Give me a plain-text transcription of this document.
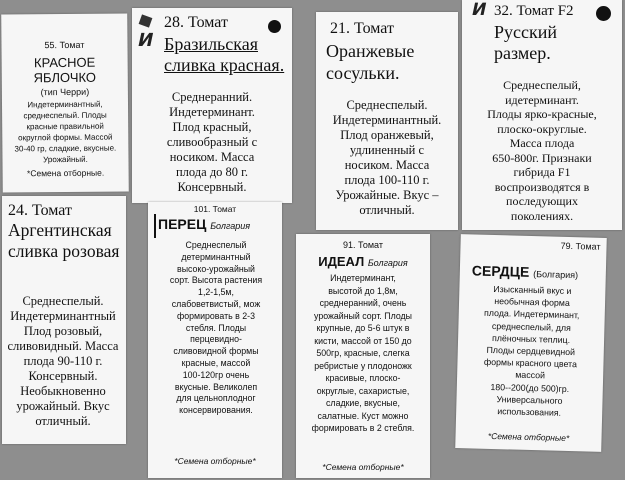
55. Томат
КРАСНОЕ
ЯБЛОЧКО
(тип Черри)
Индетерминантный,
среднеспелый. Плоды
красные правильной
округлой формы. Массой
30-40 гр, сладкие, вкусные.
Урожайный.
*Семена отборные.
И
28. Томат
Бразильская
сливка красная.
Среднеранний.
Индетерминант.
Плод красный,
сливообразный с
носиком. Масса
плода до 80 г.
Консервный.
21. Томат
Оранжевые
сосульки.
Среднеспелый.
Индетерминантный.
Плод оранжевый,
удлиненный с
носиком. Масса
плода 100-110 г.
Урожайные. Вкус –
отличный.
И 32. Томат F2
Русский
размер.
Среднеспелый,
идетерминант.
Плоды ярко-красные,
плоско-округлые.
Масса плода
650-800г. Признаки
гибрида F1
воспроизводятся в
последующих
поколениях.
24. Томат
Аргентинская
сливка розовая
Среднеспелый.
Индетерминантный
Плод розовый,
сливовидный. Масса
плода 90-110 г.
Консервный.
Необыкновенно
урожайный. Вкус
отличный.
101. Томат
ПЕРЕЦ Болгария
Среднеспелый
детерминантный
высоко-урожайный
сорт. Высота растения
1,2-1,5м,
слабоветвистый, мож
формировать в 2-3
стебля. Плоды
перцевидно-
сливовидной формы
красные, массой
100-120гр очень
вкусные. Великолеп
для цельноплодног
консервирования.
*Семена отборные*
91. Томат
ИДЕАЛ Болгария
Индетерминант,
высотой до 1,8м,
среднеранний, очень
урожайный сорт. Плоды
крупные, до 5-6 штук в
кисти, массой от 150 до
500гр, красные, слегка
ребристые у плодоножк
красивые, плоско-
округлые, сахаристые,
сладкие, вкусные,
салатные. Куст можно
формировать в 2 стебля.
*Семена отборные*
79. Томат
СЕРДЦЕ (Болгария)
Изысканный вкус и
необычная форма
плода. Индетерминант,
среднеспелый, для
плёночных теплиц.
Плоды сердцевидной
формы красного цвета
массой
180--200(до 500)гр.
Универсального
использования.
*Семена отборные*
